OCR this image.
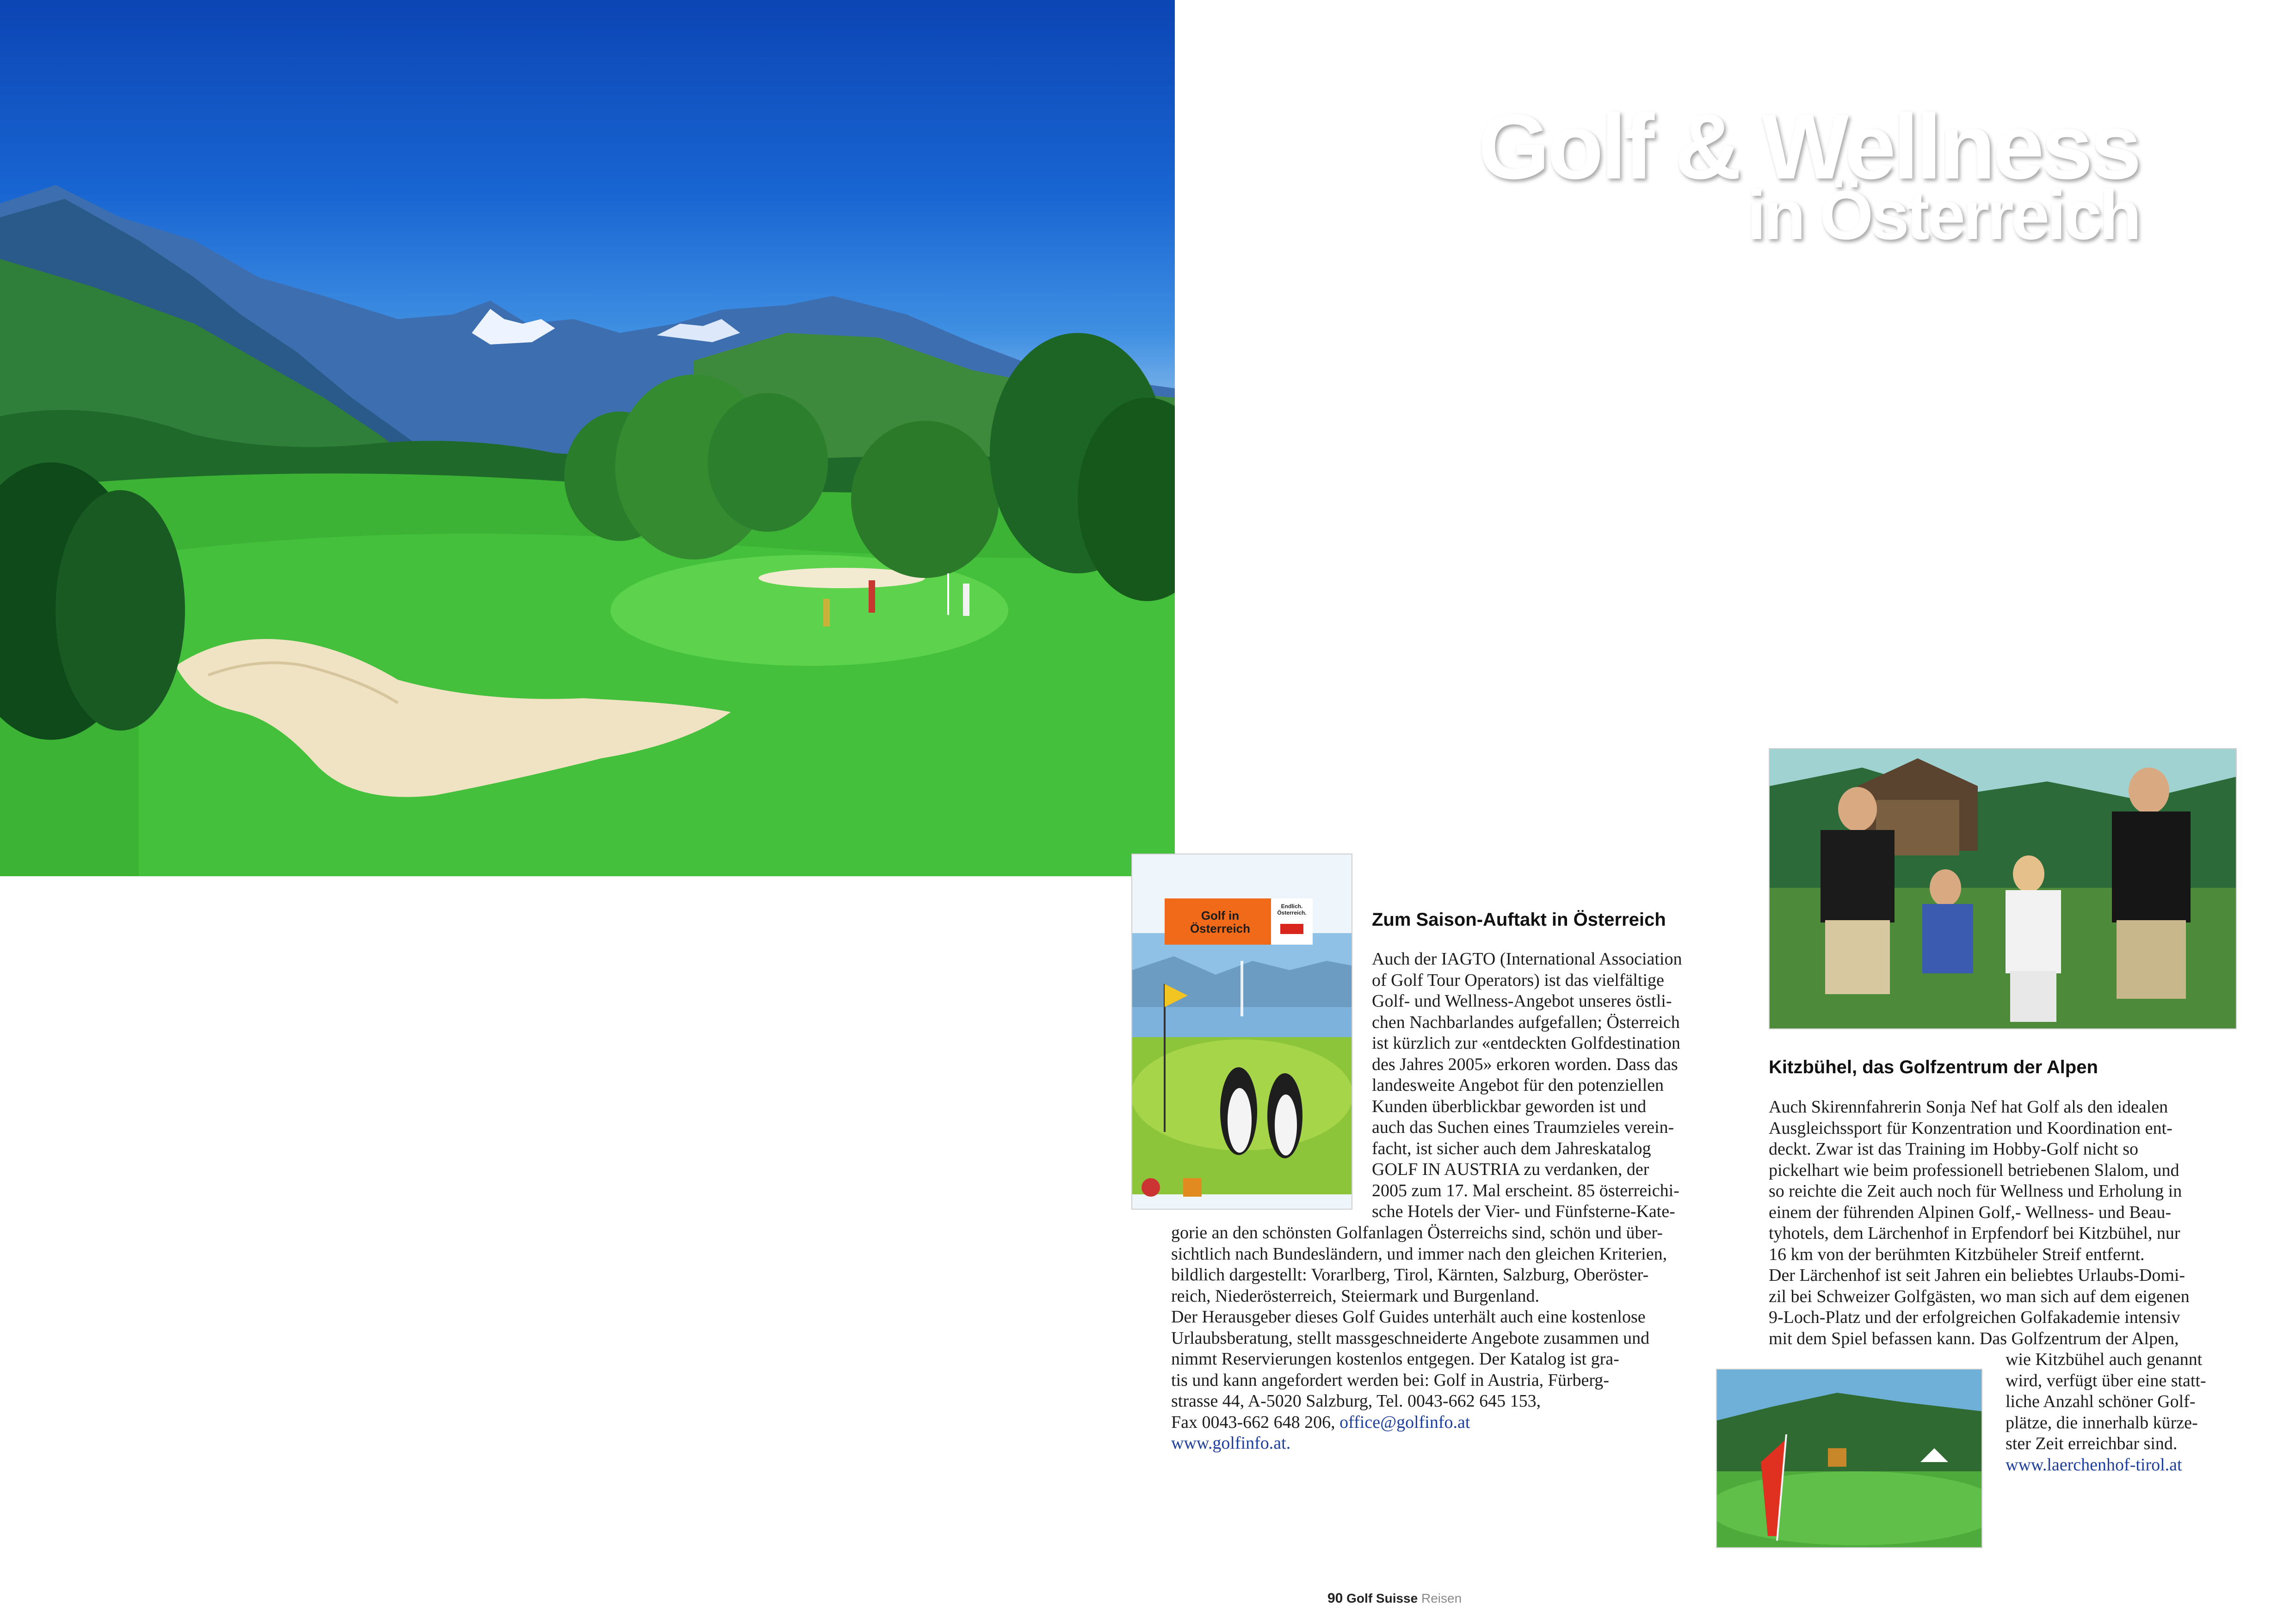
Golf & Wellness
in Österreich
Golf in Österreich
Endlich. Österreich.	Zum Saison-Auftakt in Österreich

Auch der IAGTO (International Association

of Golf Tour Operators) ist das vielfältige

Golf- und Wellness-Angebot unseres östli-

chen Nachbarlandes aufgefallen; Österreich

ist kürzlich zur «entdeckten Golfdestination

des Jahres 2005» erkoren worden. Dass das

landesweite Angebot für den potenziellen

Kunden überblickbar geworden ist und

auch das Suchen eines Traumzieles verein-

facht, ist sicher auch dem Jahreskatalog

GOLF IN AUSTRIA zu verdanken, der

2005 zum 17. Mal erscheint. 85 österreichi-

sche Hotels der Vier- und Fünfsterne-Kate-

gorie an den schönsten Golfanlagen Österreichs sind, schön und über-

sichtlich nach Bundesländern, und immer nach den gleichen Kriterien,

bildlich dargestellt: Vorarlberg, Tirol, Kärnten, Salzburg, Oberöster-

reich, Niederösterreich, Steiermark und Burgenland.

Der Herausgeber dieses Golf Guides unterhält auch eine kostenlose

Urlaubsberatung, stellt massgeschneiderte Angebote zusammen und

nimmt Reservierungen kostenlos entgegen. Der Katalog ist gra-

tis und kann angefordert werden bei: Golf in Austria, Fürberg-

strasse 44, A-5020 Salzburg, Tel. 0043-662 645 153,

Fax 0043-662 648 206, office@golfinfo.at

www.golfinfo.at.

Kitzbühel, das Golfzentrum der Alpen

Auch Skirennfahrerin Sonja Nef hat Golf als den idealen

Ausgleichssport für Konzentration und Koordination ent-

deckt. Zwar ist das Training im Hobby-Golf nicht so

pickelhart wie beim professionell betriebenen Slalom, und

so reichte die Zeit auch noch für Wellness und Erholung in

einem der führenden Alpinen Golf,- Wellness- und Beau-

tyhotels, dem Lärchenhof in Erpfendorf bei Kitzbühel, nur

16 km von der berühmten Kitzbüheler Streif entfernt.

Der Lärchenhof ist seit Jahren ein beliebtes Urlaubs-Domi-

zil bei Schweizer Golfgästen, wo man sich auf dem eigenen

9-Loch-Platz und der erfolgreichen Golfakademie intensiv

mit dem Spiel befassen kann. Das Golfzentrum der Alpen,

wie Kitzbühel auch genannt

wird, verfügt über eine statt-

liche Anzahl schöner Golf-

plätze, die innerhalb kürze-

ster Zeit erreichbar sind.

www.laerchenhof-tirol.at

90 Golf Suisse Reisen
